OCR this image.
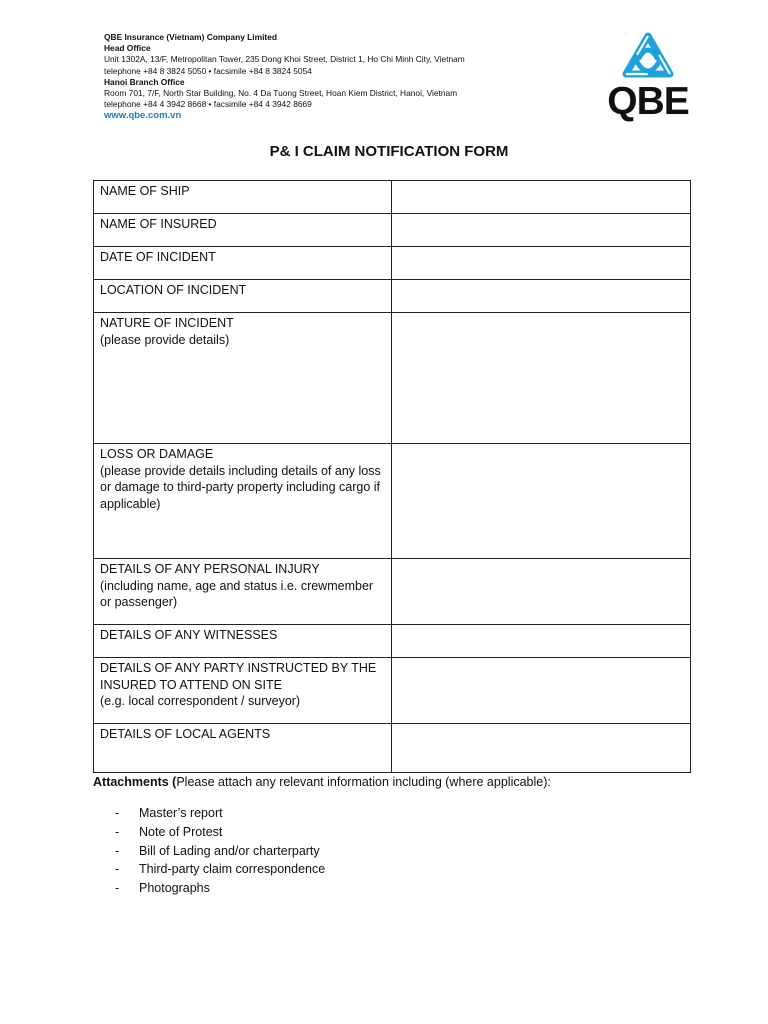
QBE Insurance (Vietnam) Company Limited
Head Office
Unit 1302A, 13/F, Metropolitan Tower, 235 Dong Khoi Street, District 1, Ho Chi Minh City, Vietnam
telephone +84 8 3824 5050 • facsimile +84 8 3824 5054
Hanoi Branch Office
Room 701, 7/F, North Star Building, No. 4 Da Tuong Street, Hoan Kiem District, Hanoi, Vietnam
telephone +84 4 3942 8668 • facsimile +84 4 3942 8669
www.qbe.com.vn	QBE
P& I CLAIM NOTIFICATION FORM
NAME OF SHIP	
NAME OF INSURED	
DATE OF INCIDENT	
LOCATION OF INCIDENT	
NATURE OF INCIDENT
(please provide details)	

LOSS OR DAMAGE
(please provide details including details of any loss or damage to third-party property including cargo if applicable)	

DETAILS OF ANY PERSONAL INJURY
(including name, age and status i.e. crewmember or passenger)	

DETAILS OF ANY WITNESSES	
DETAILS OF ANY PARTY INSTRUCTED BY THE INSURED TO ATTEND ON SITE
(e.g. local correspondent / surveyor)	

DETAILS OF LOCAL AGENTS	
Attachments (Please attach any relevant information including (where applicable):
- Master’s report
- Note of Protest
- Bill of Lading and/or charterparty
- Third-party claim correspondence
- Photographs
